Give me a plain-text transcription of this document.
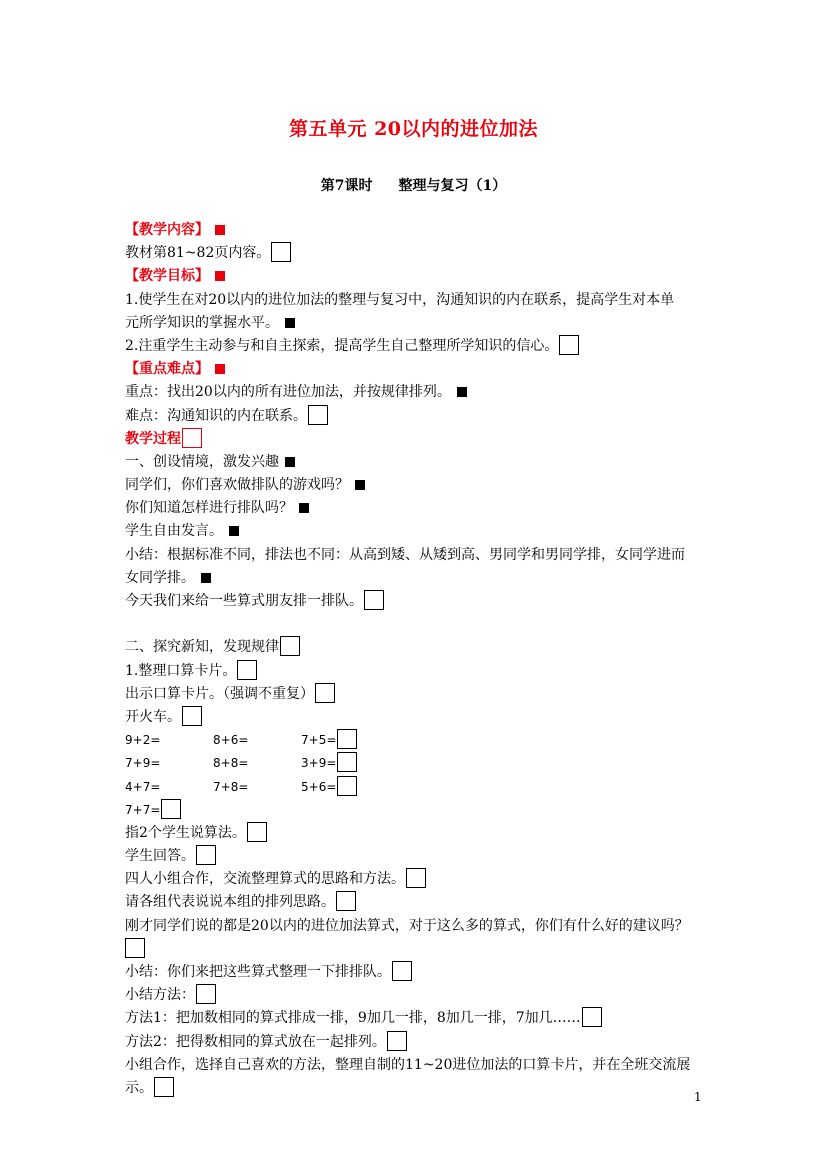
第五单元 20以内的进位加法
第7课时 整理与复习（1）
【教学内容】
教材第81~82页内容。
【教学目标】
1.使学生在对20以内的进位加法的整理与复习中，沟通知识的内在联系，提高学生对本单
元所学知识的掌握水平。
2.注重学生主动参与和自主探索，提高学生自己整理所学知识的信心。
【重点难点】
重点：找出20以内的所有进位加法，并按规律排列。
难点：沟通知识的内在联系。
教学过程
一、创设情境，激发兴趣
同学们，你们喜欢做排队的游戏吗？
你们知道怎样进行排队吗？
学生自由发言。
小结：根据标准不同，排法也不同：从高到矮、从矮到高、男同学和男同学排，女同学进而
女同学排。
今天我们来给一些算式朋友排一排队。
二、探究新知，发现规律
1.整理口算卡片。
出示口算卡片。（强调不重复）
开火车。
9+2=	8+6=	7+5=
7+9=	8+8=	3+9=
4+7=	7+8=	5+6=
7+7=
指2个学生说算法。
学生回答。
四人小组合作，交流整理算式的思路和方法。
请各组代表说说本组的排列思路。
刚才同学们说的都是20以内的进位加法算式，对于这么多的算式，你们有什么好的建议吗？
小结：你们来把这些算式整理一下排排队。
小结方法：
方法1：把加数相同的算式排成一排，9加几一排，8加几一排，7加几……
方法2：把得数相同的算式放在一起排列。
小组合作，选择自己喜欢的方法，整理自制的11~20进位加法的口算卡片，并在全班交流展
示。
1
